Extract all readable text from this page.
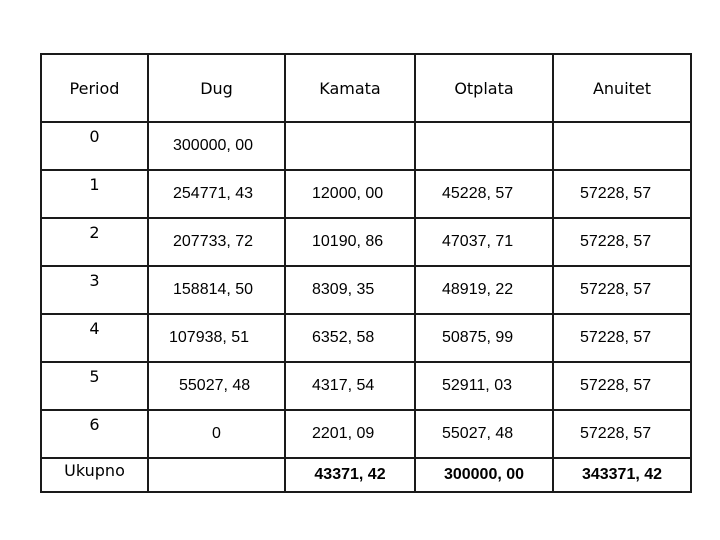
Period	Dug	Kamata	Otplata	Anuitet
0	300000, 00			
1	254771, 43	12000, 00	45228, 57	57228, 57
2	207733, 72	10190, 86	47037, 71	57228, 57
3	158814, 50	8309, 35	48919, 22	57228, 57
4	107938, 51	6352, 58	50875, 99	57228, 57
5	55027, 48	4317, 54	52911, 03	57228, 57
6	0	2201, 09	55027, 48	57228, 57
Ukupno		43371, 42	300000, 00	343371, 42
